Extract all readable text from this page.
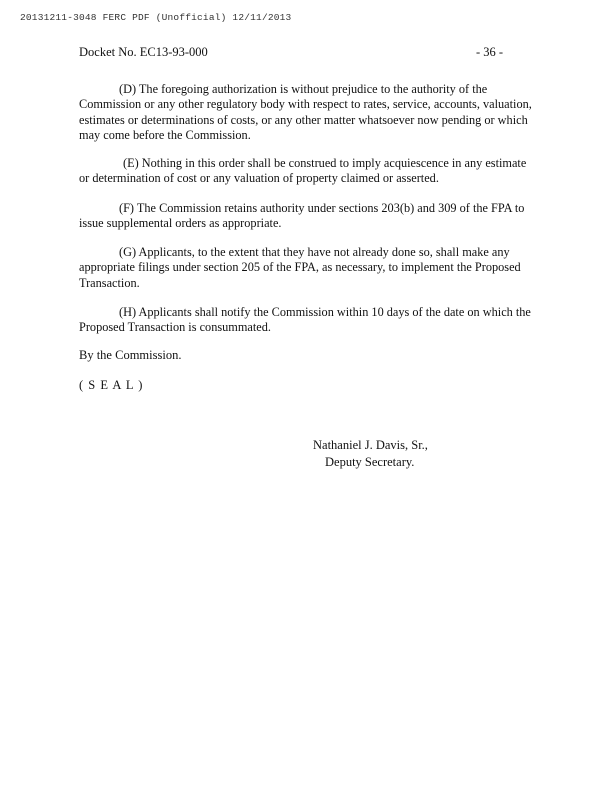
20131211-3048 FERC PDF (Unofficial) 12/11/2013
Docket No. EC13-93-000	- 36 -

(D) The foregoing authorization is without prejudice to the authority of the Commission or any other regulatory body with respect to rates, service, accounts, valuation, estimates or determinations of costs, or any other matter whatsoever now pending or which may come before the Commission.

(E) Nothing in this order shall be construed to imply acquiescence in any estimate or determination of cost or any valuation of property claimed or asserted.

(F) The Commission retains authority under sections 203(b) and 309 of the FPA to issue supplemental orders as appropriate.

(G) Applicants, to the extent that they have not already done so, shall make any appropriate filings under section 205 of the FPA, as necessary, to implement the Proposed Transaction.

(H) Applicants shall notify the Commission within 10 days of the date on which the Proposed Transaction is consummated.

By the Commission.

( S E A L )

Nathaniel J. Davis, Sr.,

Deputy Secretary.
